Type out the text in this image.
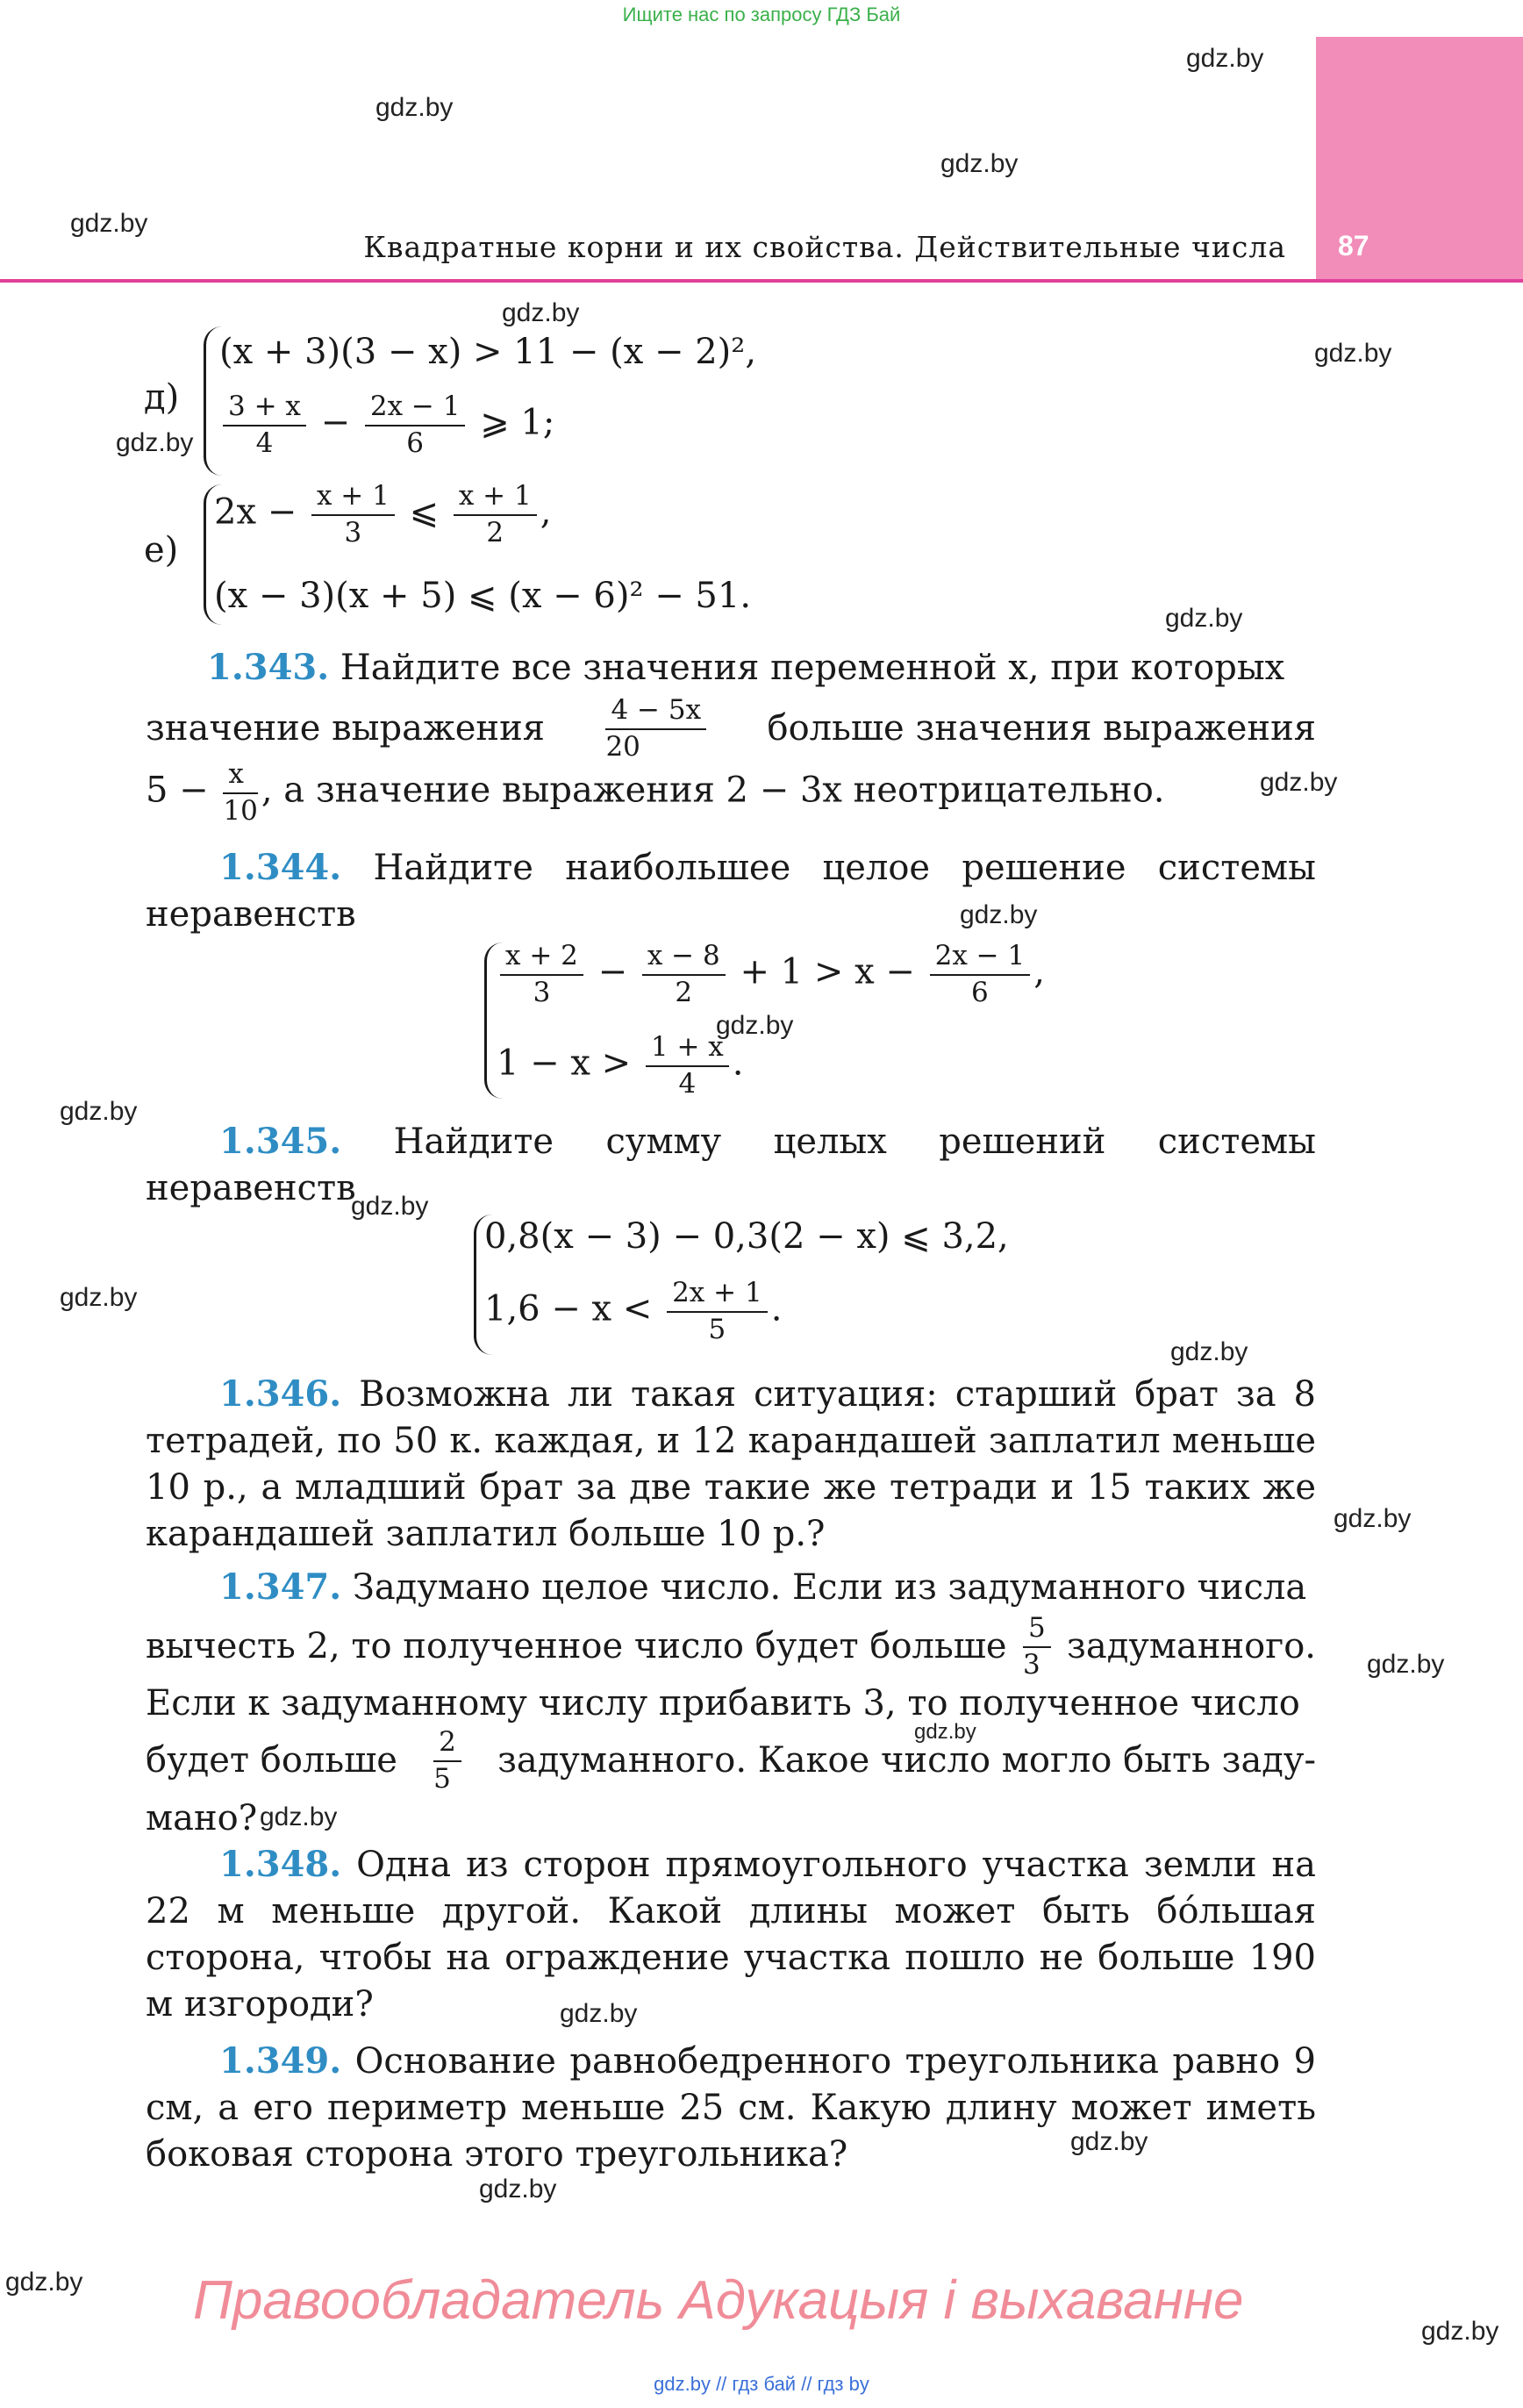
Ищите нас по запросу ГДЗ Бай
87
Квадратные корни и их свойства. Действительные числа
gdz.by
gdz.by
gdz.by
gdz.by
gdz.by
gdz.by
gdz.by
gdz.by
gdz.by
gdz.by
gdz.by
gdz.by
gdz.by
gdz.by
gdz.by
gdz.by
gdz.by
gdz.by
gdz.by
gdz.by
gdz.by
gdz.by
gdz.by
gdz.by
д)
(x + 3)(3 − x) > 11 − (x − 2)²,
$\frac{3 + x}{4} - \frac{2x - 1}{6}$ ⩾ 1;
е)
$2x - \frac{x + 1}{3}$ ⩽ $\frac{x + 1}{2}$ ,
(x − 3)(x + 5) ⩽ (x − 6)² − 51.
1.343. Найдите все значения переменной x, при которых
значение выражения $\frac{4 - 5x}{20}$ больше значения выражения
$5 - \frac{x}{10}$ , а значение выражения 2 − 3x неотрицательно.
1.344. Найдите наибольшее целое решение системы неравенств
$\frac{x + 2}{3} - \frac{x - 8}{2} + 1 > x - \frac{2x - 1}{6}$ ,
$1 - x > \frac{1 + x}{4}$ .
1.345. Найдите сумму целых решений системы неравенств
0,8(x − 3) − 0,3(2 − x) ⩽ 3,2,
$1,6 - x < \frac{2x + 1}{5}$ .
1.346. Возможна ли такая ситуация: старший брат за 8 тетрадей, по 50 к. каждая, и 12 карандашей заплатил меньше 10 р., а младший брат за две такие же тетради и 15 таких же карандашей заплатил больше 10 р.?
1.347. Задумано целое число. Если из задуманного числа
вычесть 2, то полученное число будет больше $\frac{5}{3}$ задуманного.
Если к задуманному числу прибавить 3, то полученное число
будет больше $\frac{2}{5}$ задуманного. Какое число могло быть заду-
мано?
1.348. Одна из сторон прямоугольного участка земли на 22 м меньше другой. Какой длины может быть бóльшая сторона, чтобы на ограждение участка пошло не больше 190 м изгороди?
1.349. Основание равнобедренного треугольника равно 9 см, а его периметр меньше 25 см. Какую длину может иметь боковая сторона этого треугольника?
Правообладатель Адукацыя і выхаванне
gdz.by // гдз бай // гдз by
